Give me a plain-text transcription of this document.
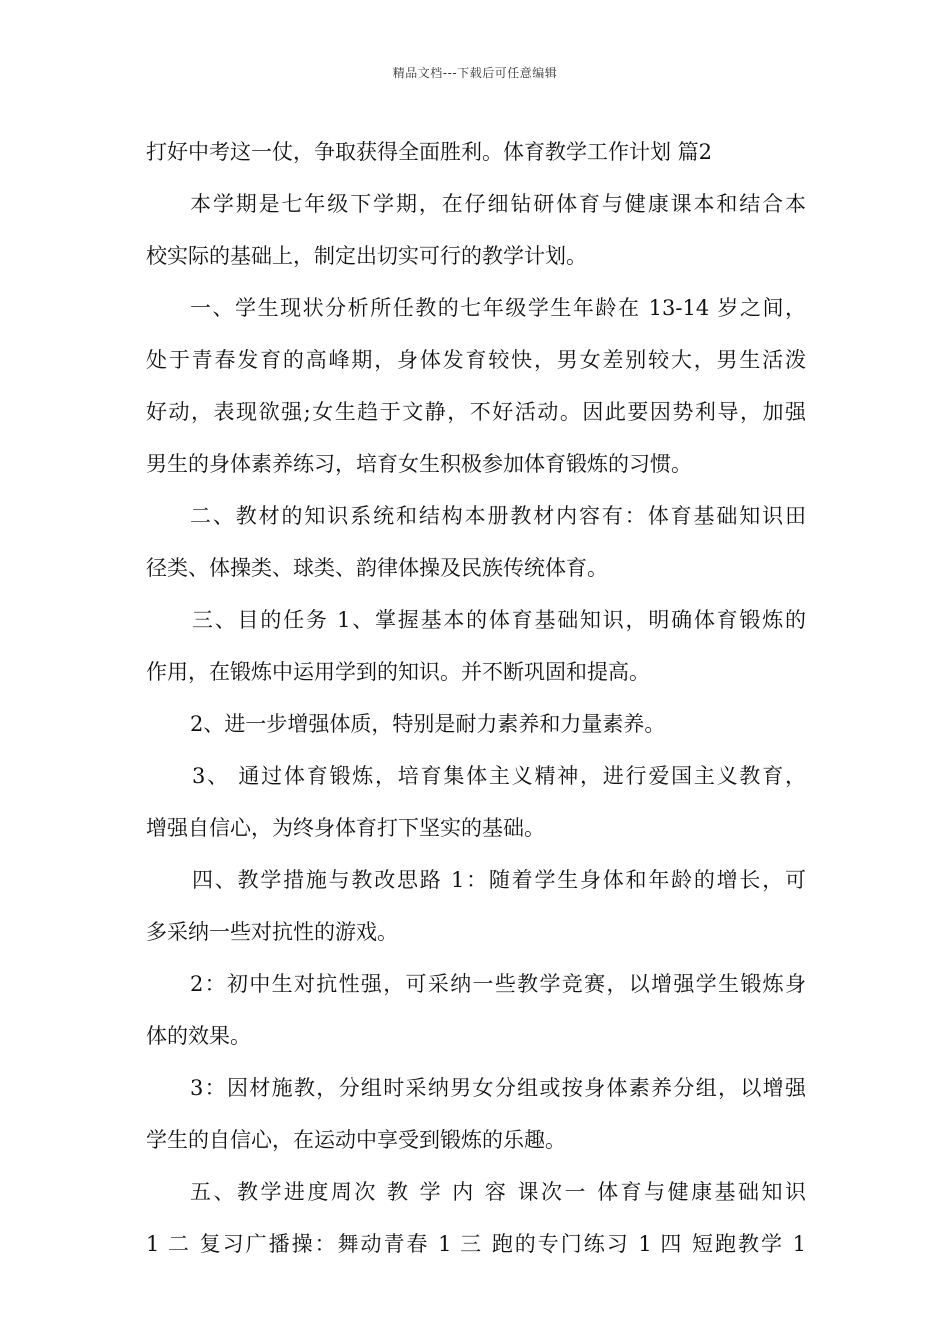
精品文档---下载后可任意编辑
打好中考这一仗，争取获得全面胜利。体育教学工作计划 篇2
本学期是七年级下学期，在仔细钻研体育与健康课本和结合本
校实际的基础上，制定出切实可行的教学计划。
一、学生现状分析所任教的七年级学生年龄在 13-14 岁之间，
处于青春发育的高峰期，身体发育较快，男女差别较大，男生活泼
好动，表现欲强;女生趋于文静，不好活动。因此要因势利导，加强
男生的身体素养练习，培育女生积极参加体育锻炼的习惯。
二、教材的知识系统和结构本册教材内容有：体育基础知识田
径类、体操类、球类、韵律体操及民族传统体育。
三、目的任务 1、掌握基本的体育基础知识，明确体育锻炼的
作用，在锻炼中运用学到的知识。并不断巩固和提高。
2、进一步增强体质，特别是耐力素养和力量素养。
3、 通过体育锻炼，培育集体主义精神，进行爱国主义教育，
增强自信心，为终身体育打下坚实的基础。
四、教学措施与教改思路 1：随着学生身体和年龄的增长，可
多采纳一些对抗性的游戏。
2：初中生对抗性强，可采纳一些教学竞赛，以增强学生锻炼身
体的效果。
3：因材施教，分组时采纳男女分组或按身体素养分组，以增强
学生的自信心，在运动中享受到锻炼的乐趣。
五、教学进度周次 教 学 内 容 课次一 体育与健康基础知识
1 二 复习广播操：舞动青春 1 三 跑的专门练习 1 四 短跑教学 1
